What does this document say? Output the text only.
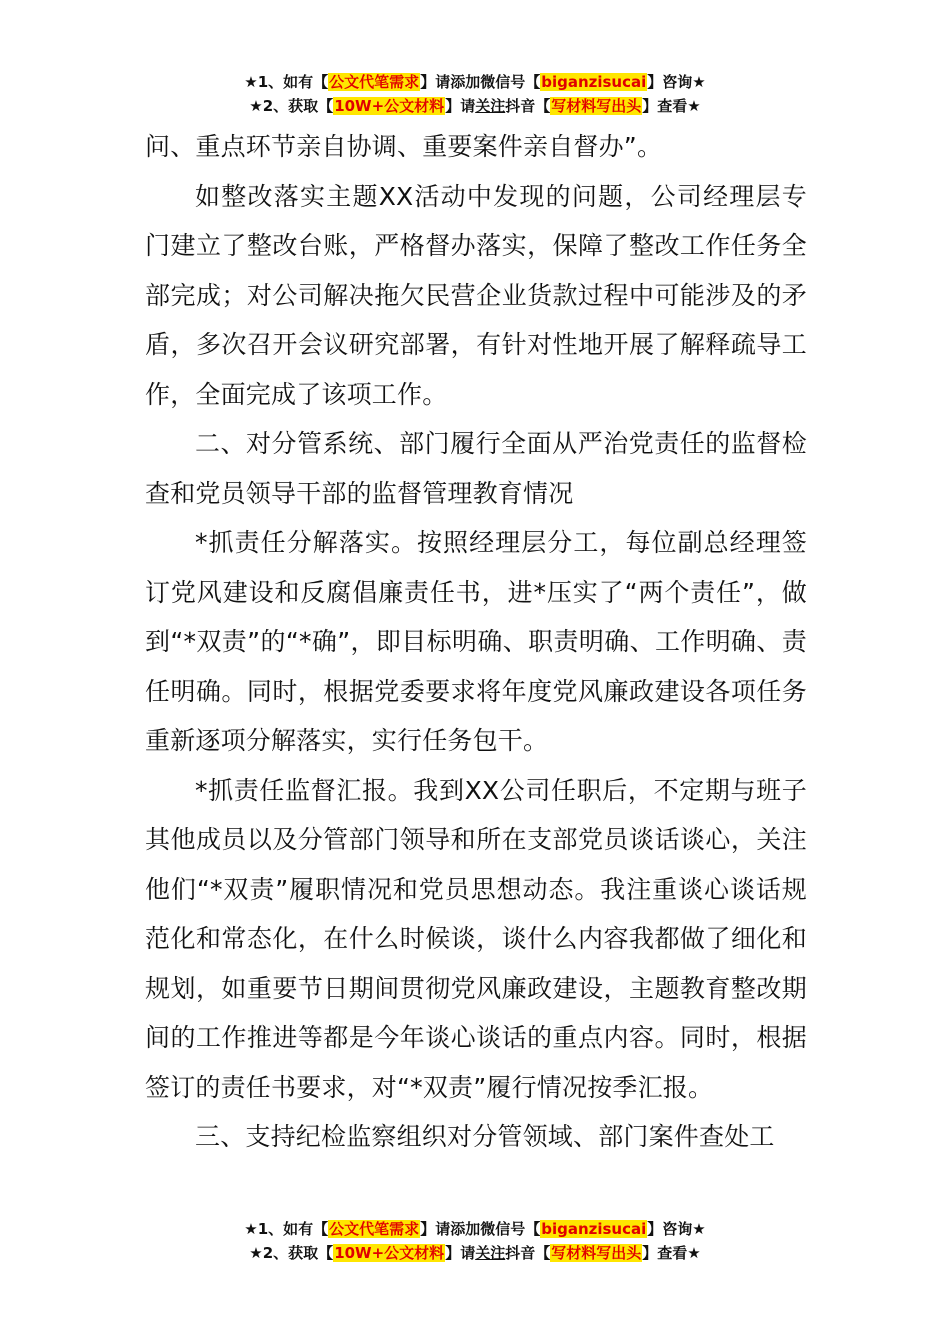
★1、如有【公文代笔需求】请添加微信号【biganzisucai】咨询★
★2、获取【10W+公文材料】请关注抖音【写材料写出头】查看★

问、重点环节亲自协调、重要案件亲自督办”。

如整改落实主题XX活动中发现的问题，公司经理层专门建立了整改台账，严格督办落实，保障了整改工作任务全部完成；对公司解决拖欠民营企业货款过程中可能涉及的矛盾，多次召开会议研究部署，有针对性地开展了解释疏导工作，全面完成了该项工作。

二、对分管系统、部门履行全面从严治党责任的监督检查和党员领导干部的监督管理教育情况

*抓责任分解落实。按照经理层分工，每位副总经理签订党风建设和反腐倡廉责任书，进*压实了“两个责任”，做到“*双责”的“*确”，即目标明确、职责明确、工作明确、责任明确。同时，根据党委要求将年度党风廉政建设各项任务重新逐项分解落实，实行任务包干。

*抓责任监督汇报。我到XX公司任职后，不定期与班子其他成员以及分管部门领导和所在支部党员谈话谈心，关注他们“*双责”履职情况和党员思想动态。我注重谈心谈话规范化和常态化，在什么时候谈，谈什么内容我都做了细化和规划，如重要节日期间贯彻党风廉政建设，主题教育整改期间的工作推进等都是今年谈心谈话的重点内容。同时，根据签订的责任书要求，对“*双责”履行情况按季汇报。

三、支持纪检监察组织对分管领域、部门案件查处工

★1、如有【公文代笔需求】请添加微信号【biganzisucai】咨询★
★2、获取【10W+公文材料】请关注抖音【写材料写出头】查看★
